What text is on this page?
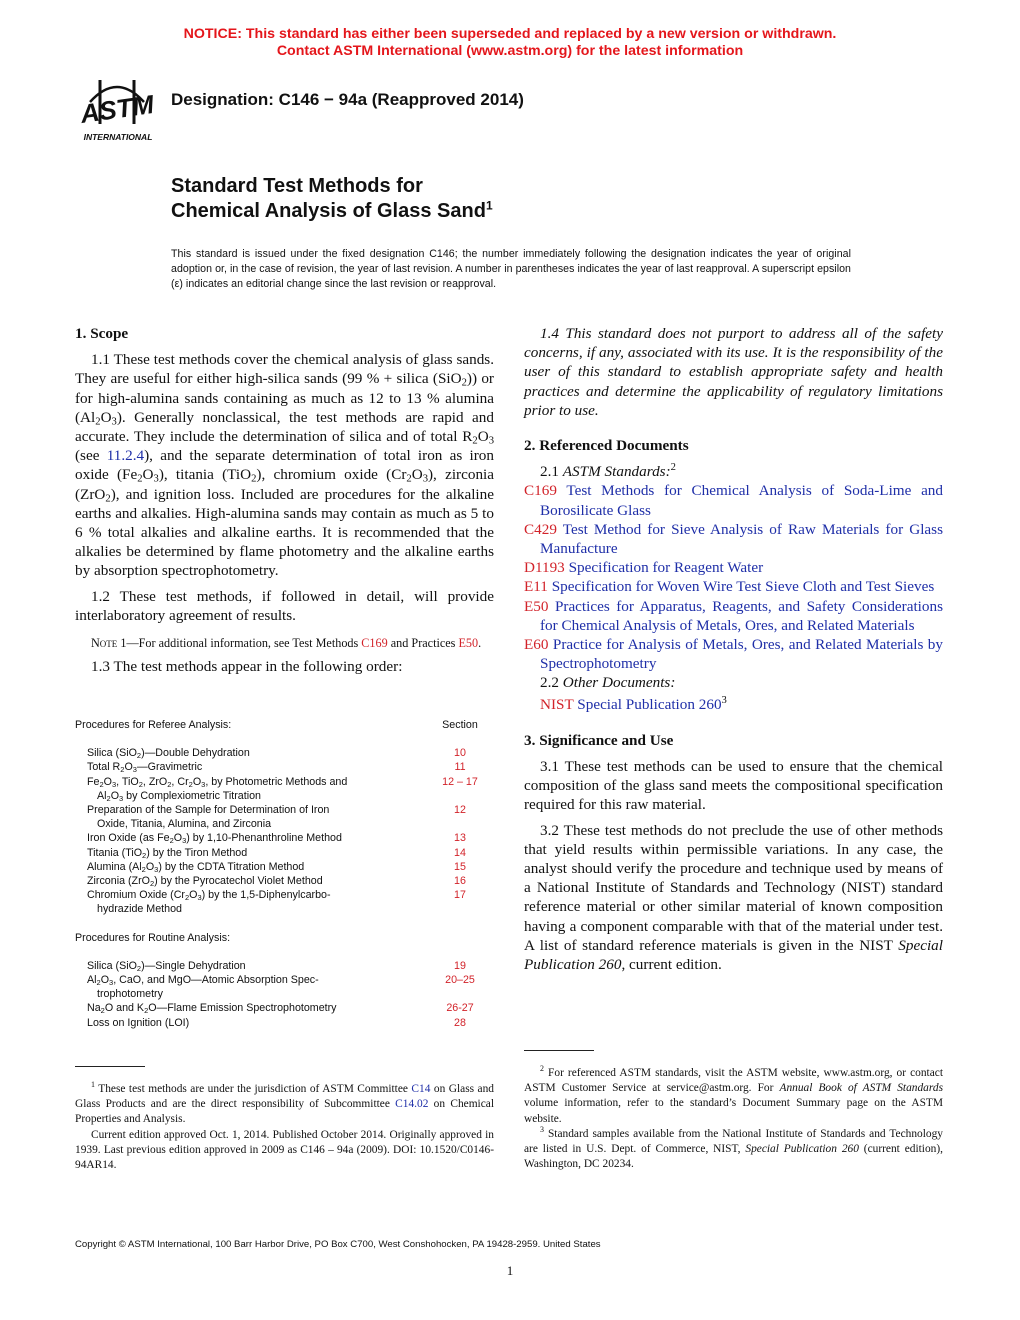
NOTICE: This standard has either been superseded and replaced by a new version or withdrawn.
Contact ASTM International (www.astm.org) for the latest information
ASTM
INTERNATIONAL
Designation: C146 − 94a (Reapproved 2014)
Standard Test Methods for
Chemical Analysis of Glass Sand$^1$
This standard is issued under the fixed designation C146; the number immediately following the designation indicates the year of original adoption or, in the case of revision, the year of last revision. A number in parentheses indicates the year of last reapproval. A superscript epsilon (ε) indicates an editorial change since the last revision or reapproval.
1. Scope

1.1 These test methods cover the chemical analysis of glass sands. They are useful for either high-silica sands (99 % + silica (SiO$_2$)) or for high-alumina sands containing as much as 12 to 13 % alumina $(Al_2O_3)$. Generally nonclassical, the test methods are rapid and accurate. They include the determination of silica and of total $R_2O_3$ (see 11.2.4), and the separate determination of total iron as iron oxide $(Fe_2O_3)$, titania (TiO$_2$), chromium oxide $(Cr_2O_3)$, zirconia (ZrO$_2$), and ignition loss. Included are procedures for the alkaline earths and alkalies. High-alumina sands may contain as much as 5 to 6 % total alkalies and alkaline earths. It is recommended that the alkalies be determined by flame photometry and the alkaline earths by absorption spectrophotometry.

1.2 These test methods, if followed in detail, will provide interlaboratory agreement of results.

Note 1—For additional information, see Test Methods C169 and Practices E50.

1.3 The test methods appear in the following order:

Procedures for Referee Analysis:	Section

Silica (SiO$_2$)—Double Dehydration	10
Total $R_2O_3—Gravimetric$	11
$Fe_2O_3$, TiO$_2$, ZrO$_2$, $Cr_2O_3$, by Photometric Methods and
$Al_2O_3$ by Complexiometric Titration	12 – 17
Preparation of the Sample for Determination of Iron
Oxide, Titania, Alumina, and Zirconia	12
Iron Oxide (as $Fe_2O_3$) by 1,10-Phenanthroline Method	13
Titania (TiO$_2$) by the Tiron Method	14
Alumina $(Al_2O_3)$ by the CDTA Titration Method	15
Zirconia (ZrO$_2$) by the Pyrocatechol Violet Method	16
Chromium Oxide $(Cr_2O_3)$ by the 1,5-Diphenylcarbo-
hydrazide Method	17

Procedures for Routine Analysis:	

Silica (SiO$_2$)—Single Dehydration	19
$Al_2O_3$, CaO, and MgO—Atomic Absorption Spec-
trophotometry	20–25
$Na_2O$ and $K_2O—Flame$ Emission Spectrophotometry	26-27
Loss on Ignition (LOI)	28
$^1$ These test methods are under the jurisdiction of ASTM Committee C14 on Glass and Glass Products and are the direct responsibility of Subcommittee C14.02 on Chemical Properties and Analysis.
Current edition approved Oct. 1, 2014. Published October 2014. Originally approved in 1939. Last previous edition approved in 2009 as C146 – 94a (2009). DOI: 10.1520/C0146-94AR14.

1.4 This standard does not purport to address all of the safety concerns, if any, associated with its use. It is the responsibility of the user of this standard to establish appropriate safety and health practices and determine the applicability of regulatory limitations prior to use.

2. Referenced Documents

2.1 ASTM Standards:$^2$

C169 Test Methods for Chemical Analysis of Soda-Lime and Borosilicate Glass

C429 Test Method for Sieve Analysis of Raw Materials for Glass Manufacture

D1193 Specification for Reagent Water

E11 Specification for Woven Wire Test Sieve Cloth and Test Sieves

E50 Practices for Apparatus, Reagents, and Safety Considerations for Chemical Analysis of Metals, Ores, and Related Materials

E60 Practice for Analysis of Metals, Ores, and Related Materials by Spectrophotometry

2.2 Other Documents:

NIST Special Publication $260^3$

3. Significance and Use

3.1 These test methods can be used to ensure that the chemical composition of the glass sand meets the compositional specification required for this raw material.

3.2 These test methods do not preclude the use of other methods that yield results within permissible variations. In any case, the analyst should verify the procedure and technique used by means of a National Institute of Standards and Technology (NIST) standard reference material or other similar material of known composition having a component comparable with that of the material under test. A list of standard reference materials is given in the NIST Special Publication 260, current edition.

$^2$ For referenced ASTM standards, visit the ASTM website, www.astm.org, or contact ASTM Customer Service at service@astm.org. For Annual Book of ASTM Standards volume information, refer to the standard’s Document Summary page on the ASTM website.
$^3$ Standard samples available from the National Institute of Standards and Technology are listed in U.S. Dept. of Commerce, NIST, Special Publication 260 (current edition), Washington, DC 20234.
Copyright © ASTM International, 100 Barr Harbor Drive, PO Box C700, West Conshohocken, PA 19428-2959. United States
1
